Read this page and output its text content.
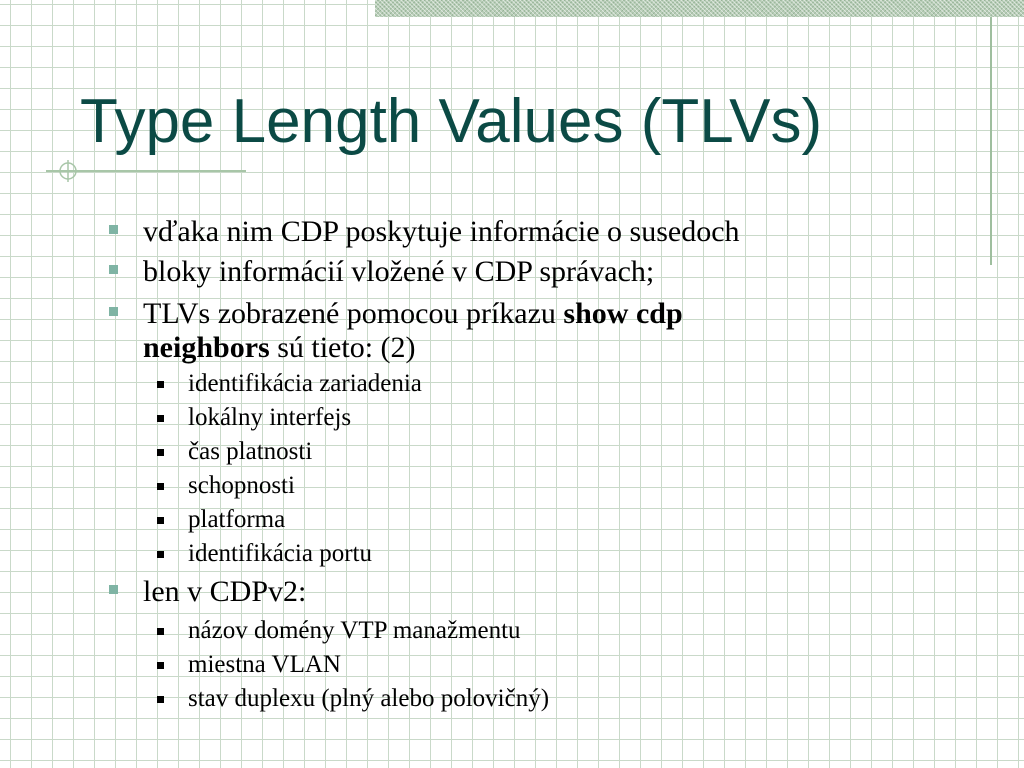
Type Length Values (TLVs)
vďaka nim CDP poskytuje informácie o susedoch
bloky informácií vložené v CDP správach;
TLVs zobrazené pomocou príkazu show cdp
neighbors sú tieto: (2)
identifikácia zariadenia
lokálny interfejs
čas platnosti
schopnosti
platforma
identifikácia portu
len v CDPv2:
názov domény VTP manažmentu
miestna VLAN
stav duplexu (plný alebo polovičný)
